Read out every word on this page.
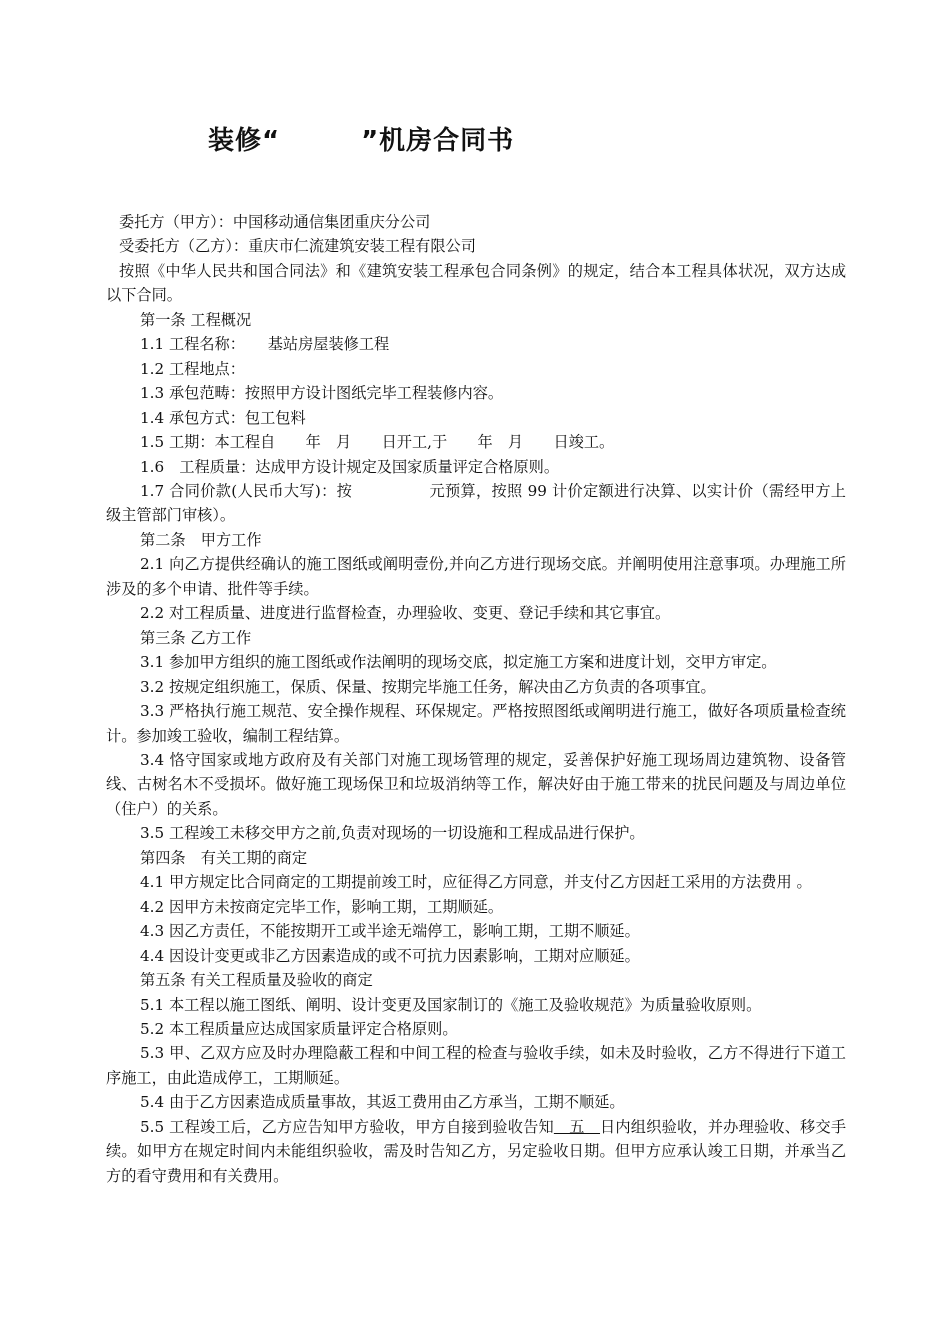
装修“　　　”机房合同书

委托方（甲方）：中国移动通信集团重庆分公司

受委托方（乙方）：重庆市仁流建筑安装工程有限公司

按照《中华人民共和国合同法》和《建筑安装工程承包合同条例》的规定，结合本工程具体状况，双方达成以下合同。

第一条 工程概况

1.1 工程名称：　　基站房屋装修工程

1.2 工程地点：

1.3 承包范畴：按照甲方设计图纸完毕工程装修内容。

1.4 承包方式：包工包料

1.5 工期：本工程自　　年　月　　日开工,于　　年　月　　日竣工。

1.6　工程质量：达成甲方设计规定及国家质量评定合格原则。

1.7 合同价款(人民币大写)：按　　　　　元预算，按照 99 计价定额进行决算、以实计价（需经甲方上级主管部门审核）。

第二条　甲方工作

2.1 向乙方提供经确认的施工图纸或阐明壹份,并向乙方进行现场交底。并阐明使用注意事项。办理施工所涉及的多个申请、批件等手续。

2.2 对工程质量、进度进行监督检查，办理验收、变更、登记手续和其它事宜。

第三条 乙方工作

3.1 参加甲方组织的施工图纸或作法阐明的现场交底，拟定施工方案和进度计划，交甲方审定。

3.2 按规定组织施工，保质、保量、按期完毕施工任务，解决由乙方负责的各项事宜。

3.3 严格执行施工规范、安全操作规程、环保规定。严格按照图纸或阐明进行施工，做好各项质量检查统计。参加竣工验收，编制工程结算。

3.4 恪守国家或地方政府及有关部门对施工现场管理的规定，妥善保护好施工现场周边建筑物、设备管线、古树名木不受损坏。做好施工现场保卫和垃圾消纳等工作，解决好由于施工带来的扰民问题及与周边单位（住户）的关系。

3.5 工程竣工未移交甲方之前,负责对现场的一切设施和工程成品进行保护。

第四条　有关工期的商定

4.1 甲方规定比合同商定的工期提前竣工时，应征得乙方同意，并支付乙方因赶工采用的方法费用 。

4.2 因甲方未按商定完毕工作，影响工期，工期顺延。

4.3 因乙方责任，不能按期开工或半途无端停工，影响工期，工期不顺延。

4.4 因设计变更或非乙方因素造成的或不可抗力因素影响，工期对应顺延。

第五条 有关工程质量及验收的商定

5.1 本工程以施工图纸、阐明、设计变更及国家制订的《施工及验收规范》为质量验收原则。

5.2 本工程质量应达成国家质量评定合格原则。

5.3 甲、乙双方应及时办理隐蔽工程和中间工程的检查与验收手续，如未及时验收，乙方不得进行下道工序施工，由此造成停工，工期顺延。

5.4 由于乙方因素造成质量事故，其返工费用由乙方承当，工期不顺延。

5.5 工程竣工后，乙方应告知甲方验收，甲方自接到验收告知　五　日内组织验收，并办理验收、移交手续。如甲方在规定时间内未能组织验收，需及时告知乙方，另定验收日期。但甲方应承认竣工日期，并承当乙方的看守费用和有关费用。
